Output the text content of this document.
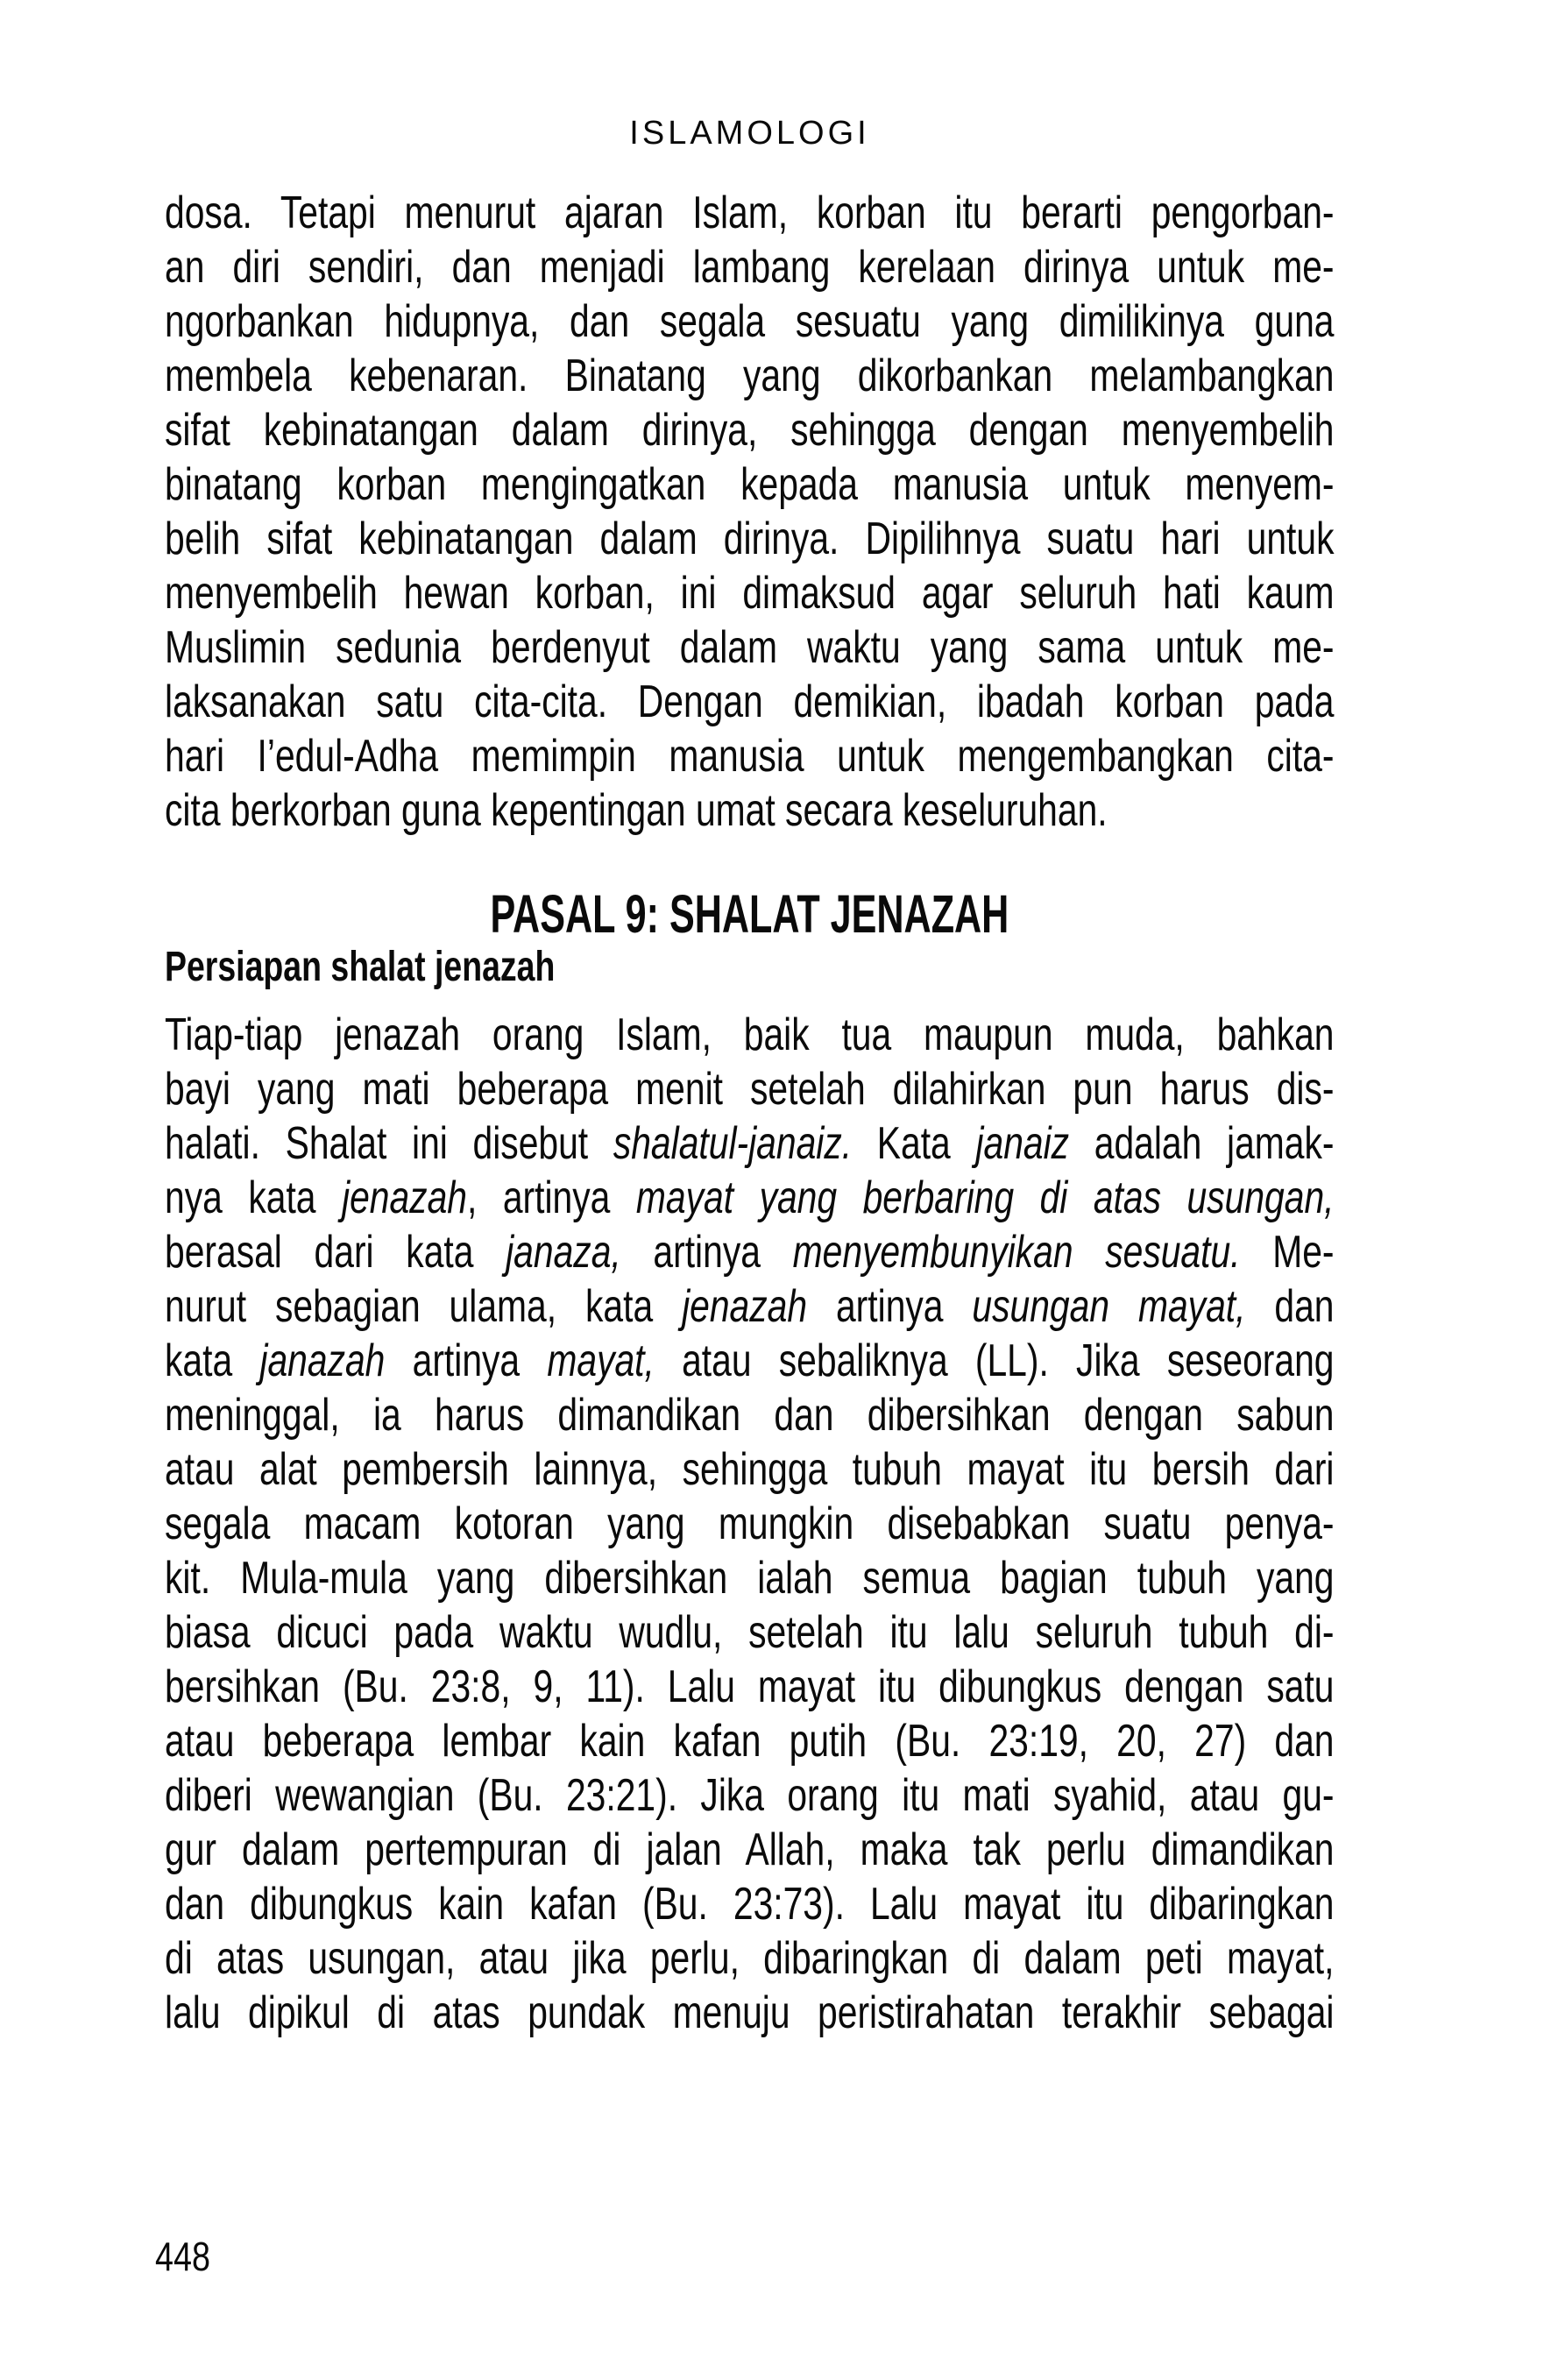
ISLAMOLOGI
dosa. Tetapi menurut ajaran Islam, korban itu berarti pengorban-
an diri sendiri, dan menjadi lambang kerelaan dirinya untuk me-
ngorbankan hidupnya, dan segala sesuatu yang dimilikinya guna
membela kebenaran. Binatang yang dikorbankan melambangkan
sifat kebinatangan dalam dirinya, sehingga dengan menyembelih
binatang korban mengingatkan kepada manusia untuk menyem-
belih sifat kebinatangan dalam dirinya. Dipilihnya suatu hari untuk
menyembelih hewan korban, ini dimaksud agar seluruh hati kaum
Muslimin sedunia berdenyut dalam waktu yang sama untuk me-
laksanakan satu cita-cita. Dengan demikian, ibadah korban pada
hari I’edul-Adha memimpin manusia untuk mengembangkan cita-
cita berkorban guna kepentingan umat secara keseluruhan.
PASAL 9: SHALAT JENAZAH
Persiapan shalat jenazah
Tiap-tiap jenazah orang Islam, baik tua maupun muda, bahkan
bayi yang mati beberapa menit setelah dilahirkan pun harus dis-
halati. Shalat ini disebut shalatul-janaiz. Kata janaiz adalah jamak-
nya kata jenazah, artinya mayat yang berbaring di atas usungan,
berasal dari kata janaza, artinya menyembunyikan sesuatu. Me-
nurut sebagian ulama, kata jenazah artinya usungan mayat, dan
kata janazah artinya mayat, atau sebaliknya (LL). Jika seseorang
meninggal, ia harus dimandikan dan dibersihkan dengan sabun
atau alat pembersih lainnya, sehingga tubuh mayat itu bersih dari
segala macam kotoran yang mungkin disebabkan suatu penya-
kit. Mula-mula yang dibersihkan ialah semua bagian tubuh yang
biasa dicuci pada waktu wudlu, setelah itu lalu seluruh tubuh di-
bersihkan (Bu. 23:8, 9, 11). Lalu mayat itu dibungkus dengan satu
atau beberapa lembar kain kafan putih (Bu. 23:19, 20, 27) dan
diberi wewangian (Bu. 23:21). Jika orang itu mati syahid, atau gu-
gur dalam pertempuran di jalan Allah, maka tak perlu dimandikan
dan dibungkus kain kafan (Bu. 23:73). Lalu mayat itu dibaringkan
di atas usungan, atau jika perlu, dibaringkan di dalam peti mayat,
lalu dipikul di atas pundak menuju peristirahatan terakhir sebagai
448
